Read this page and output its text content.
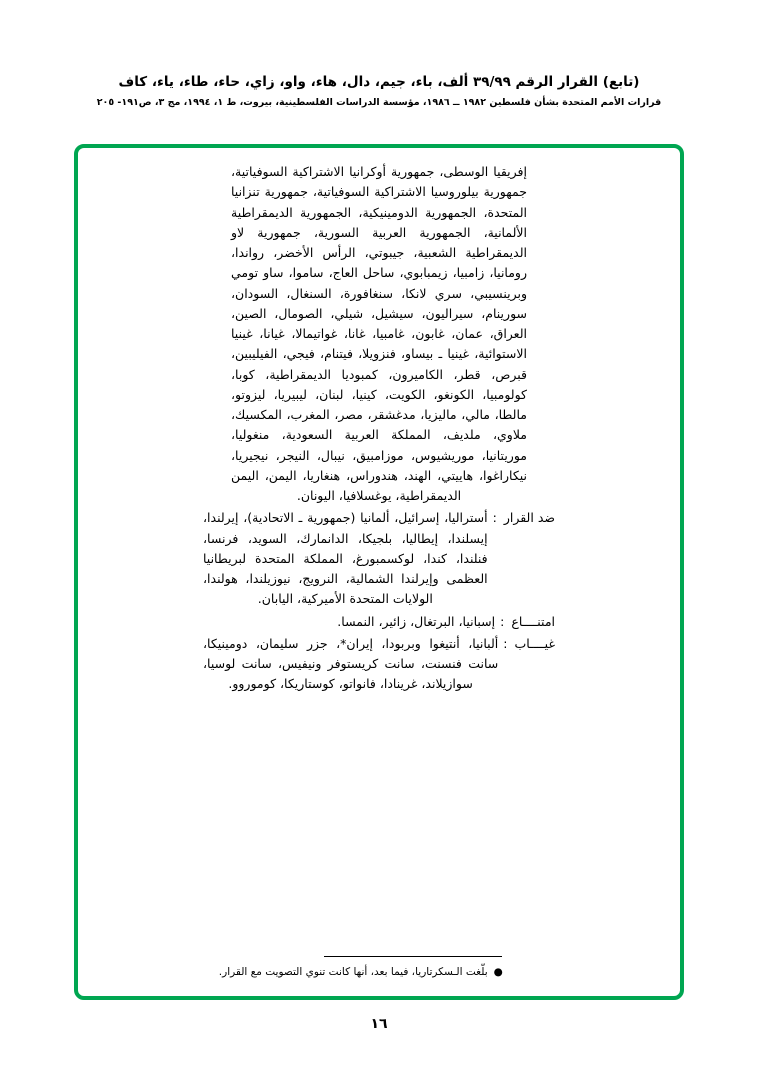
(تابع) القرار الرقم ٣٩/٩٩ ألف، باء، جيم، دال، هاء، واو، زاي، حاء، طاء، ياء، كاف
قرارات الأمم المتحدة بشأن فلسطين ١٩٨٢ ــ ١٩٨٦، مؤسسة الدراسات الفلسطينية، بيروت، ط ١، ١٩٩٤، مج ٣، ص١٩١- ٢٠٥
إفريقيا الوسطى، جمهورية أوكرانيا الاشتراكية السوفياتية، جمهورية بيلوروسيا الاشتراكية السوفياتية، جمهورية تنزانيا المتحدة، الجمهورية الدومينيكية، الجمهورية الديمقراطية الألمانية، الجمهورية العربية السورية، جمهورية لاو الديمقراطية الشعبية، جيبوتي، الرأس الأخضر، رواندا، رومانيا، زامبيا، زيمبابوي، ساحل العاج، ساموا، ساو تومي وبرينسيبي، سري لانكا، سنغافورة، السنغال، السودان، سورينام، سيراليون، سيشيل، شيلي، الصومال، الصين، العراق، عمان، غابون، غامبيا، غانا، غواتيمالا، غيانا، غينيا الاستوائية، غينيا ـ بيساو، فنزويلا، فيتنام، فيجي، الفيليبين، قبرص، قطر، الكاميرون، كمبوديا الديمقراطية، كوبا، كولومبيا، الكونغو، الكويت، كينيا، لبنان، ليبيريا، ليزوتو، مالطا، مالي، ماليزيا، مدغشقر، مصر، المغرب، المكسيك، ملاوي، ملديف، المملكة العربية السعودية، منغوليا، موريتانيا، موريشيوس، موزامبيق، نيبال، النيجر، نيجيريا، نيكاراغوا، هاييتي، الهند، هندوراس، هنغاريا، اليمن، اليمن الديمقراطية، يوغسلافيا، اليونان.
ضد القرار
:
أستراليا، إسرائيل، ألمانيا (جمهورية ـ الاتحادية)، إيرلندا، إيسلندا، إيطاليا، بلجيكا، الدانمارك، السويد، فرنسا، فنلندا، كندا، لوكسمبورغ، المملكة المتحدة لبريطانيا العظمى وإيرلندا الشمالية، النرويج، نيوزيلندا، هولندا، الولايات المتحدة الأميركية، اليابان.
امتنــــاع
:
إسبانيا، البرتغال، زائير، النمسا.
غيــــاب
:
ألبانيا، أنتيغوا وبربودا، إيران*، جزر سليمان، دومينيكا، سانت فنسنت، سانت كريستوفر ونيفيس، سانت لوسيا، سوازيلاند، غرينادا، فانواتو، كوستاريكا، كوموروو.
●بلّغت الـسكرتاريا، فيما بعد، أنها كانت تنوي التصويت مع القرار.
١٦
